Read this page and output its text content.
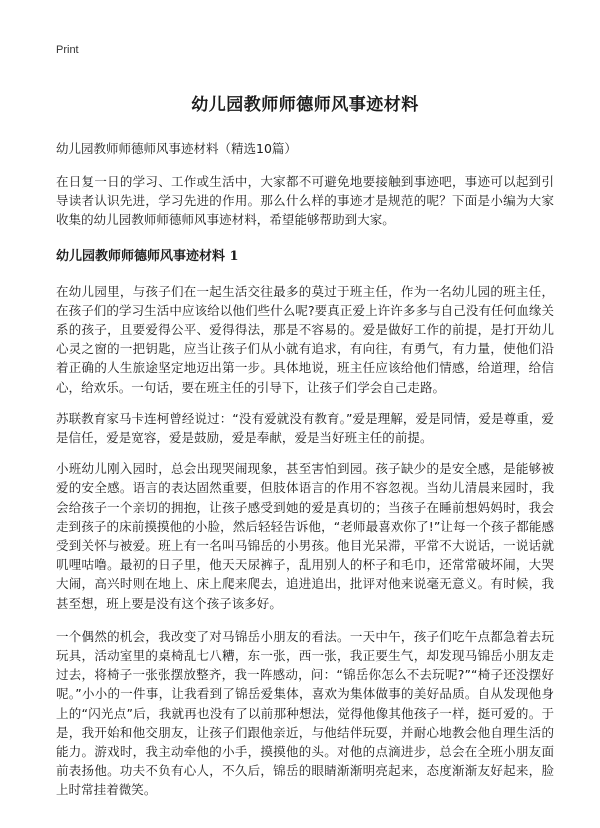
Print
幼儿园教师师德师风事迹材料

幼儿园教师师德师风事迹材料（精选10篇）

在日复一日的学习、工作或生活中，大家都不可避免地要接触到事迹吧，事迹可以起到引导读者认识先进，学习先进的作用。那么什么样的事迹才是规范的呢？下面是小编为大家收集的幼儿园教师师德师风事迹材料，希望能够帮助到大家。

幼儿园教师师德师风事迹材料 1

在幼儿园里，与孩子们在一起生活交往最多的莫过于班主任，作为一名幼儿园的班主任，在孩子们的学习生活中应该给以他们些什么呢?要真正爱上许许多多与自己没有任何血缘关系的孩子，且要爱得公平、爱得得法，那是不容易的。爱是做好工作的前提，是打开幼儿心灵之窗的一把钥匙，应当让孩子们从小就有追求，有向往，有勇气，有力量，使他们沿着正确的人生旅途坚定地迈出第一步。具体地说，班主任应该给他们情感，给道理，给信心，给欢乐。一句话，要在班主任的引导下，让孩子们学会自己走路。

苏联教育家马卡连柯曾经说过：“没有爱就没有教育。”爱是理解，爱是同情，爱是尊重，爱是信任，爱是宽容，爱是鼓励，爱是奉献，爱是当好班主任的前提。

小班幼儿刚入园时，总会出现哭闹现象，甚至害怕到园。孩子缺少的是安全感，是能够被爱的安全感。语言的表达固然重要，但肢体语言的作用不容忽视。当幼儿清晨来园时，我会给孩子一个亲切的拥抱，让孩子感受到她的爱是真切的；当孩子在睡前想妈妈时，我会走到孩子的床前摸摸他的小脸，然后轻轻告诉他，“老师最喜欢你了!”让每一个孩子都能感受到关怀与被爱。班上有一名叫马锦岳的小男孩。他目光呆滞，平常不大说话，一说话就叽哩咕噜。最初的日子里，他天天尿裤子，乱用别人的杯子和毛巾，还常常破坏闹，大哭大闹，高兴时则在地上、床上爬来爬去，追进追出，批评对他来说毫无意义。有时候，我甚至想，班上要是没有这个孩子该多好。

一个偶然的机会，我改变了对马锦岳小朋友的看法。一天中午，孩子们吃午点都急着去玩玩具，活动室里的桌椅乱七八糟，东一张，西一张，我正要生气，却发现马锦岳小朋友走过去，将椅子一张张摆放整齐，我一阵感动，问：“锦岳你怎么不去玩呢?”“椅子还没摆好呢。”小小的一件事，让我看到了锦岳爱集体，喜欢为集体做事的美好品质。自从发现他身上的“闪光点”后，我就再也没有了以前那种想法，觉得他像其他孩子一样，挺可爱的。于是，我开始和他交朋友，让孩子们跟他亲近，与他结伴玩耍，并耐心地教会他自理生活的能力。游戏时，我主动牵他的小手，摸摸他的头。对他的点滴进步，总会在全班小朋友面前表扬他。功夫不负有心人，不久后，锦岳的眼睛渐渐明亮起来，态度渐渐友好起来，脸上时常挂着微笑。
